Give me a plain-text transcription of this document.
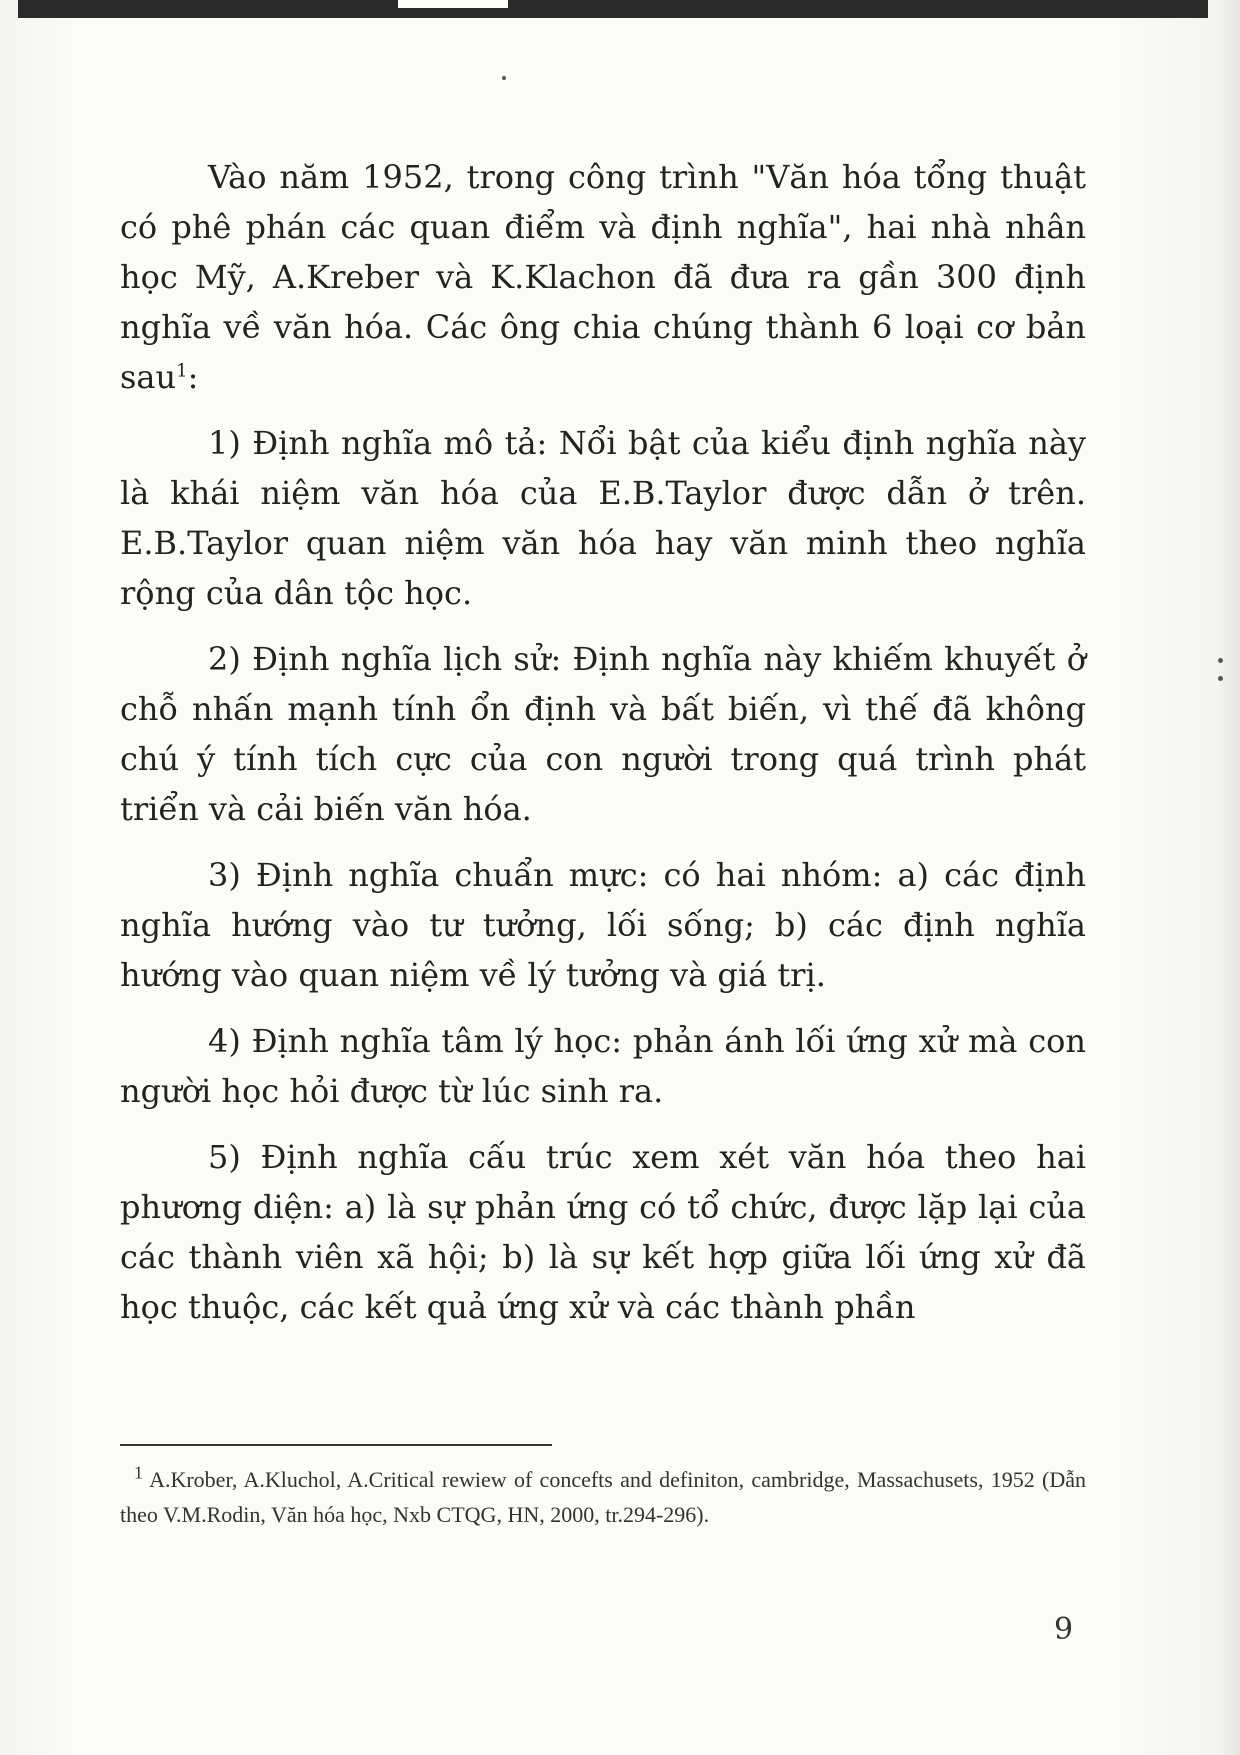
Vào năm 1952, trong công trình "Văn hóa tổng thuật có phê phán các quan điểm và định nghĩa", hai nhà nhân học Mỹ, A.Kreber và K.Klachon đã đưa ra gần 300 định nghĩa về văn hóa. Các ông chia chúng thành 6 loại cơ bản sau$^1$:

1) Định nghĩa mô tả: Nổi bật của kiểu định nghĩa này là khái niệm văn hóa của E.B.Taylor được dẫn ở trên. E.B.Taylor quan niệm văn hóa hay văn minh theo nghĩa rộng của dân tộc học.

2) Định nghĩa lịch sử: Định nghĩa này khiếm khuyết ở chỗ nhấn mạnh tính ổn định và bất biến, vì thế đã không chú ý tính tích cực của con người trong quá trình phát triển và cải biến văn hóa.

3) Định nghĩa chuẩn mực: có hai nhóm: a) các định nghĩa hướng vào tư tưởng, lối sống; b) các định nghĩa hướng vào quan niệm về lý tưởng và giá trị.

4) Định nghĩa tâm lý học: phản ánh lối ứng xử mà con người học hỏi được từ lúc sinh ra.

5) Định nghĩa cấu trúc xem xét văn hóa theo hai phương diện: a) là sự phản ứng có tổ chức, được lặp lại của các thành viên xã hội; b) là sự kết hợp giữa lối ứng xử đã học thuộc, các kết quả ứng xử và các thành phần

$^1$ A.Krober, A.Kluchol, A.Critical rewiew of concefts and definiton, cambridge, Massachusets, 1952 (Dẫn theo V.M.Rodin, Văn hóa học, Nxb CTQG, HN, 2000, tr.294-296).

9
